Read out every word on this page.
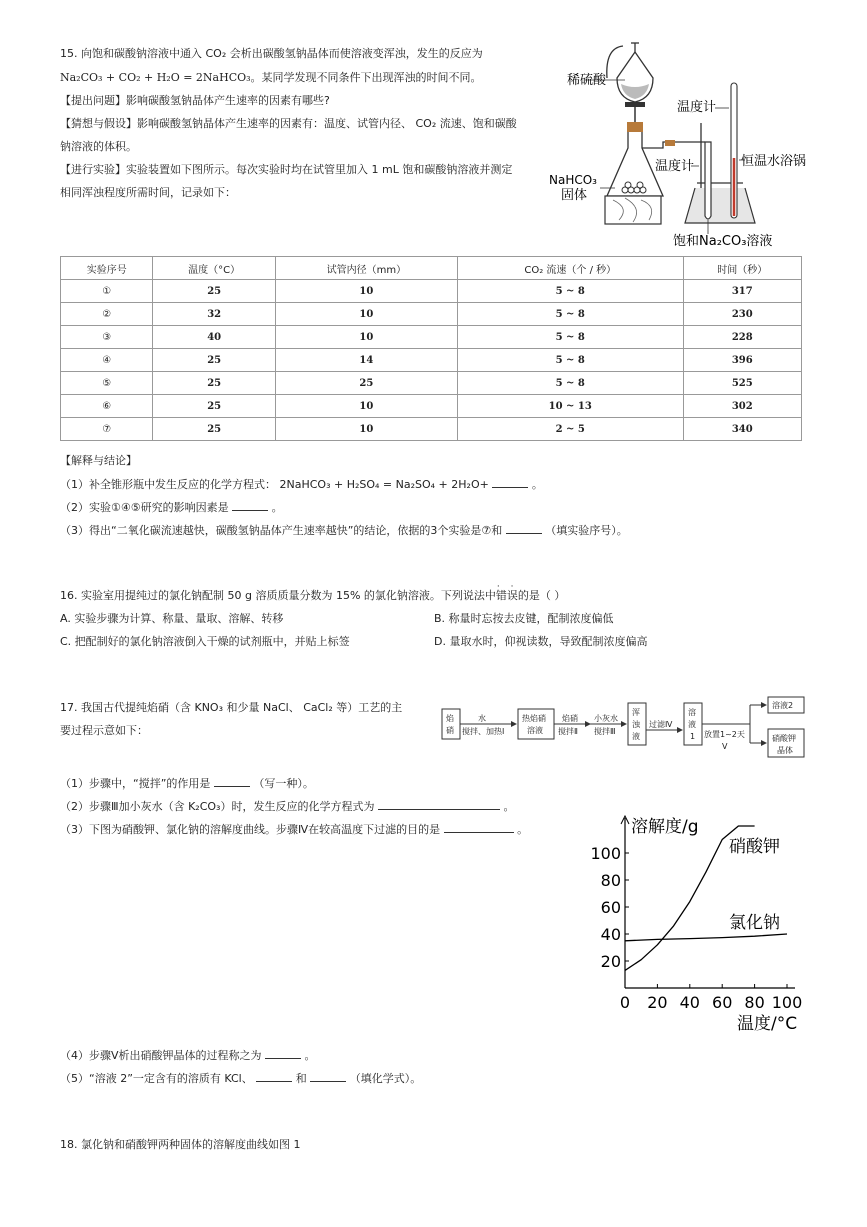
15. 向饱和碳酸钠溶液中通入 CO₂ 会析出碳酸氢钠晶体而使溶液变浑浊，发生的反应为
Na₂CO₃ + CO₂ + H₂O = 2NaHCO₃。某同学发现不同条件下出现浑浊的时间不同。
【提出问题】影响碳酸氢钠晶体产生速率的因素有哪些?
【猜想与假设】影响碳酸氢钠晶体产生速率的因素有：温度、试管内径、 CO₂ 流速、饱和碳酸
钠溶液的体积。
【进行实验】实验装置如下图所示。每次实验时均在试管里加入 1 mL 饱和碳酸钠溶液并测定
相同浑浊程度所需时间，记录如下：
稀硫酸
温度计
温度计	恒温水浴锅
NaHCO₃
固体
饱和Na₂CO₃溶液
实验序号	温度（°C）	试管内径（mm）	CO₂ 流速（个 / 秒）	时间（秒）
①	25	10	5 ~ 8	317
②	32	10	5 ~ 8	230
③	40	10	5 ~ 8	228
④	25	14	5 ~ 8	396
⑤	25	25	5 ~ 8	525
⑥	25	10	10 ~ 13	302
⑦	25	10	2 ~ 5	340
【解释与结论】
（1）补全锥形瓶中发生反应的化学方程式： 2NaHCO₃ + H₂SO₄ = Na₂SO₄ + 2H₂O+	。
（2）实验①④⑤研究的影响因素是	。
（3）得出“二氧化碳流速越快，碳酸氢钠晶体产生速率越快”的结论，依据的3个实验是⑦和	（填实验序号）。
16. 实验室用提纯过的氯化钠配制 50 g 溶质质量分数为 15% 的氯化钠溶液。下列说法中错误 · ·的是（ ）
A. 实验步骤为计算、称量、量取、溶解、转移	B. 称量时忘按去皮键，配制浓度偏低
C. 把配制好的氯化钠溶液倒入干燥的试剂瓶中，并贴上标签	D. 量取水时，仰视读数，导致配制浓度偏高
17. 我国古代提纯焰硝（含 KNO₃ 和少量 NaCl、 CaCl₂ 等）工艺的主
要过程示意如下：
焰
硝
水
搅拌、加热Ⅰ
热焰硝
溶液
焰硝
搅拌Ⅱ
小灰水
搅拌Ⅲ
浑
浊
液
过滤Ⅳ
溶
液
1 放置1~2天
Ⅴ
溶液2
硝酸钾
晶体
（1）步骤中，“搅拌”的作用是	（写一种）。
（2）步骤Ⅲ加小灰水（含 K₂CO₃）时，发生反应的化学方程式为	。
（3）下图为硝酸钾、氯化钠的溶解度曲线。步骤Ⅳ在较高温度下过滤的目的是	。	溶解度/g
温度/°C
0 20 40 60 80 100
20
40
60
80
100	硝酸钾
氯化钠
（4）步骤Ⅴ析出硝酸钾晶体的过程称之为	。
（5）“溶液 2”一定含有的溶质有 KCl、	和	（填化学式）。
18. 氯化钠和硝酸钾两种固体的溶解度曲线如图 1
